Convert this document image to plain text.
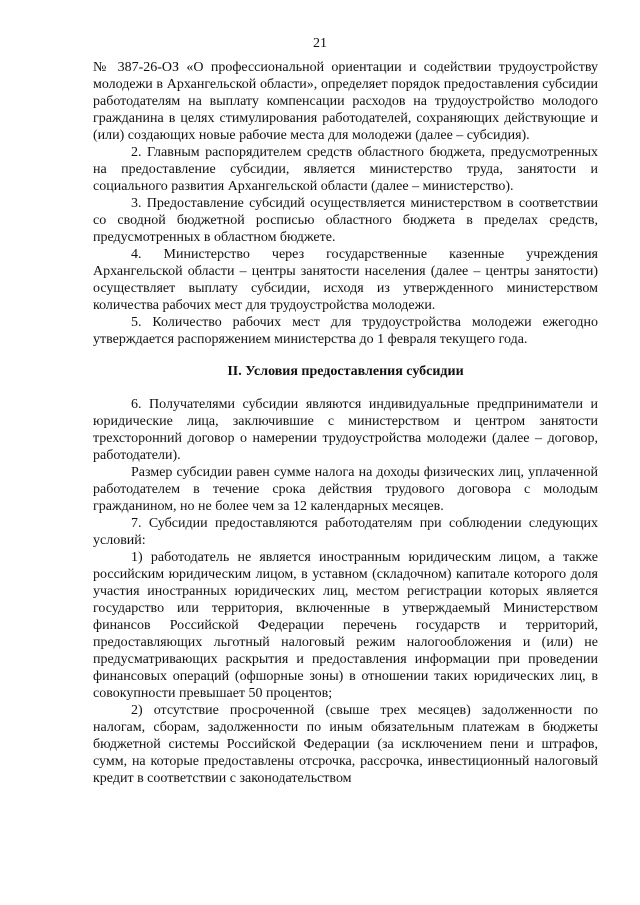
21

№ 387-26-ОЗ «О профессиональной ориентации и содействии трудоустройству молодежи в Архангельской области», определяет порядок предоставления субсидии работодателям на выплату компенсации расходов на трудоустройство молодого гражданина в целях стимулирования работодателей, сохраняющих действующие и (или) создающих новые рабочие места для молодежи (далее – субсидия).

2. Главным распорядителем средств областного бюджета, предусмотренных на предоставление субсидии, является министерство труда, занятости и социального развития Архангельской области (далее – министерство).

3. Предоставление субсидий осуществляется министерством в соответствии со сводной бюджетной росписью областного бюджета в пределах средств, предусмотренных в областном бюджете.

4. Министерство через государственные казенные учреждения Архангельской области – центры занятости населения (далее – центры занятости) осуществляет выплату субсидии, исходя из утвержденного министерством количества рабочих мест для трудоустройства молодежи.

5. Количество рабочих мест для трудоустройства молодежи ежегодно утверждается распоряжением министерства до 1 февраля текущего года.

II. Условия предоставления субсидии

6. Получателями субсидии являются индивидуальные предприниматели и юридические лица, заключившие с министерством и центром занятости трехсторонний договор о намерении трудоустройства молодежи (далее – договор, работодатели).

Размер субсидии равен сумме налога на доходы физических лиц, уплаченной работодателем в течение срока действия трудового договора с молодым гражданином, но не более чем за 12 календарных месяцев.

7. Субсидии предоставляются работодателям при соблюдении следующих условий:

1) работодатель не является иностранным юридическим лицом, а также российским юридическим лицом, в уставном (складочном) капитале которого доля участия иностранных юридических лиц, местом регистрации которых является государство или территория, включенные в утверждаемый Министерством финансов Российской Федерации перечень государств и территорий, предоставляющих льготный налоговый режим налогообложения и (или) не предусматривающих раскрытия и предоставления информации при проведении финансовых операций (офшорные зоны) в отношении таких юридических лиц, в совокупности превышает 50 процентов;

2) отсутствие просроченной (свыше трех месяцев) задолженности по налогам, сборам, задолженности по иным обязательным платежам в бюджеты бюджетной системы Российской Федерации (за исключением пени и штрафов, сумм, на которые предоставлены отсрочка, рассрочка, инвестиционный налоговый кредит в соответствии с законодательством
